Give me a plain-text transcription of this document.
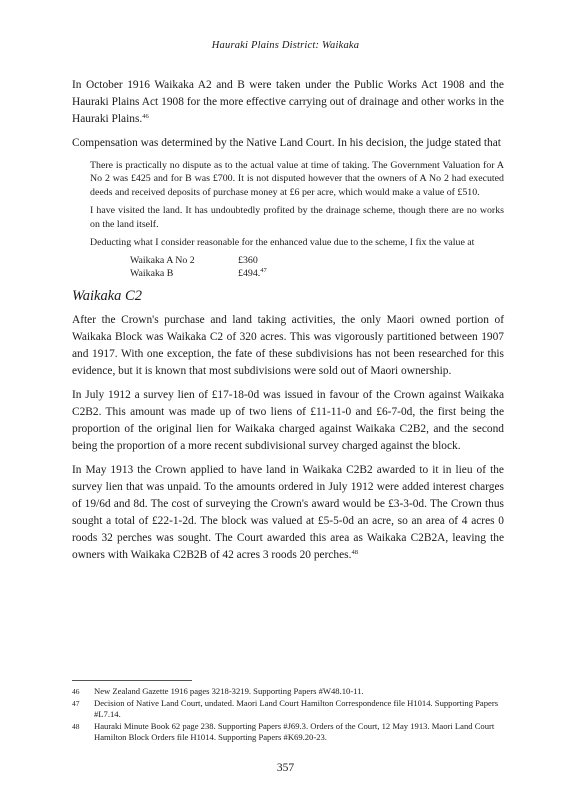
Hauraki Plains District: Waikaka

In October 1916 Waikaka A2 and B were taken under the Public Works Act 1908 and the Hauraki Plains Act 1908 for the more effective carrying out of drainage and other works in the Hauraki Plains.$^{46}$

Compensation was determined by the Native Land Court. In his decision, the judge stated that

There is practically no dispute as to the actual value at time of taking. The Government Valuation for A No 2 was £425 and for B was £700. It is not disputed however that the owners of A No 2 had executed deeds and received deposits of purchase money at £6 per acre, which would make a value of £510.

I have visited the land. It has undoubtedly profited by the drainage scheme, though there are no works on the land itself.

Deducting what I consider reasonable for the enhanced value due to the scheme, I fix the value at

Waikaka A No 2	£360
Waikaka B	£494.47
Waikaka C2

After the Crown's purchase and land taking activities, the only Maori owned portion of Waikaka Block was Waikaka C2 of 320 acres. This was vigorously partitioned between 1907 and 1917. With one exception, the fate of these subdivisions has not been researched for this evidence, but it is known that most subdivisions were sold out of Maori ownership.

In July 1912 a survey lien of £17-18-0d was issued in favour of the Crown against Waikaka C2B2. This amount was made up of two liens of £11-11-0 and £6-7-0d, the first being the proportion of the original lien for Waikaka charged against Waikaka C2B2, and the second being the proportion of a more recent subdivisional survey charged against the block.

In May 1913 the Crown applied to have land in Waikaka C2B2 awarded to it in lieu of the survey lien that was unpaid. To the amounts ordered in July 1912 were added interest charges of 19/6d and 8d. The cost of surveying the Crown's award would be £3-3-0d. The Crown thus sought a total of £22-1-2d. The block was valued at £5-5-0d an acre, so an area of 4 acres 0 roods 32 perches was sought. The Court awarded this area as Waikaka C2B2A, leaving the owners with Waikaka C2B2B of 42 acres 3 roods 20 perches.$^{48}$

46	New Zealand Gazette 1916 pages 3218-3219. Supporting Papers #W48.10-11.
47	Decision of Native Land Court, undated. Maori Land Court Hamilton Correspondence file H1014. Supporting Papers #L7.14.
48	Hauraki Minute Book 62 page 238. Supporting Papers #J69.3. Orders of the Court, 12 May 1913. Maori Land Court Hamilton Block Orders file H1014. Supporting Papers #K69.20-23.
357
